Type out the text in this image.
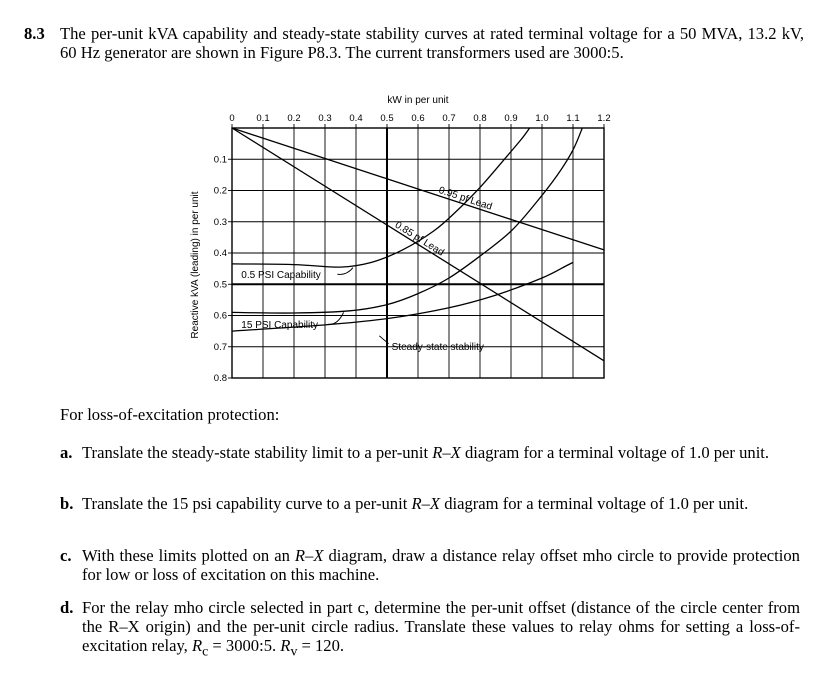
8.3 The per-unit kVA capability and steady-state stability curves at rated terminal voltage for a 50 MVA, 13.2 kV, 60 Hz generator are shown in Figure P8.3. The current transformers used are 3000:5.
0 0.1 0.2 0.3 0.4 0.5 0.6 0.7 0.8 0.9 1.0 1.1 1.2
0.1
0.2
0.3
0.4
0.5
0.6
0.7
0.8
kW in per unit
Reactive kVA (leading) in per unit	0.95 pf Lead
0.85 pf Lead
0.5 PSI Capability
15 PSI Capability
Steady-state stability
For loss-of-excitation protection:
a. Translate the steady-state stability limit to a per-unit R–X diagram for a terminal voltage of 1.0 per unit.
b. Translate the 15 psi capability curve to a per-unit R–X diagram for a terminal voltage of 1.0 per unit.
c. With these limits plotted on an R–X diagram, draw a distance relay offset mho circle to provide protection for low or loss of excitation on this machine.
d. For the relay mho circle selected in part c, determine the per-unit offset (distance of the circle center from the R–X origin) and the per-unit circle radius. Translate these values to relay ohms for setting a loss-of-excitation relay, $R_c$ = 3000:5. $R_v = 120$.
